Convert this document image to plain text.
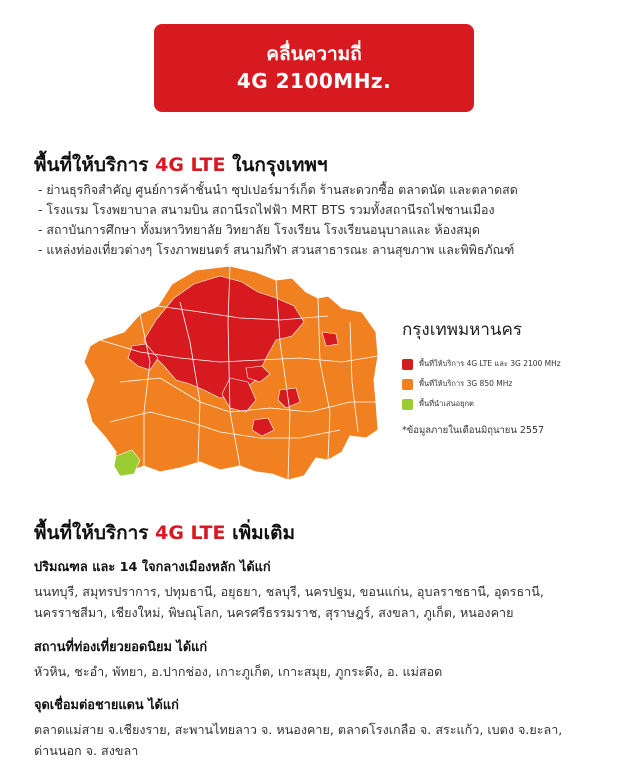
คลื่นความถี่
4G 2100MHz.
พื้นที่ให้บริการ 4G LTE ในกรุงเทพฯ
- ย่านธุรกิจสำคัญ ศูนย์การค้าชั้นนำ ซุปเปอร์มาร์เก็ต ร้านสะดวกซื้อ ตลาดนัด และตลาดสด
- โรงแรม โรงพยาบาล สนามบิน สถานีรถไฟฟ้า MRT BTS รวมทั้งสถานีรถไฟชานเมือง
- สถาบันการศึกษา ทั้งมหาวิทยาลัย วิทยาลัย โรงเรียน โรงเรียนอนุบาลและ ห้องสมุด
- แหล่งท่องเที่ยวต่างๆ โรงภาพยนตร์ สนามกีฬา สวนสาธารณะ ลานสุขภาพ และพิพิธภัณฑ์
กรุงเทพมหานคร
พื้นที่ให้บริการ 4G LTE และ 3G 2100 MHz
พื้นที่ให้บริการ 3G 850 MHz
พื้นที่นำเสนอยุกต
*ข้อมูลภายในเดือนมิถุนายน 2557
พื้นที่ให้บริการ 4G LTE เพิ่มเติม
ปริมณฑล และ 14 ใจกลางเมืองหลัก ได้แก่
นนทบุรี, สมุทรปราการ, ปทุมธานี, อยุธยา, ชลบุรี, นครปฐม, ขอนแก่น, อุบลราชธานี, อุดรธานี,
นครราชสีมา, เชียงใหม่, พิษณุโลก, นครศรีธรรมราช, สุราษฎร์, สงขลา, ภูเก็ต, หนองคาย
สถานที่ท่องเที่ยวยอดนิยม ได้แก่
หัวหิน, ชะอำ, พัทยา, อ.ปากช่อง, เกาะภูเก็ต, เกาะสมุย, ภูกระดึง, อ. แม่สอด
จุดเชื่อมต่อชายแดน ได้แก่
ตลาดแม่สาย จ.เชียงราย, สะพานไทยลาว จ. หนองคาย, ตลาดโรงเกลือ จ. สระแก้ว, เบตง จ.ยะลา,
ด่านนอก จ. สงขลา
